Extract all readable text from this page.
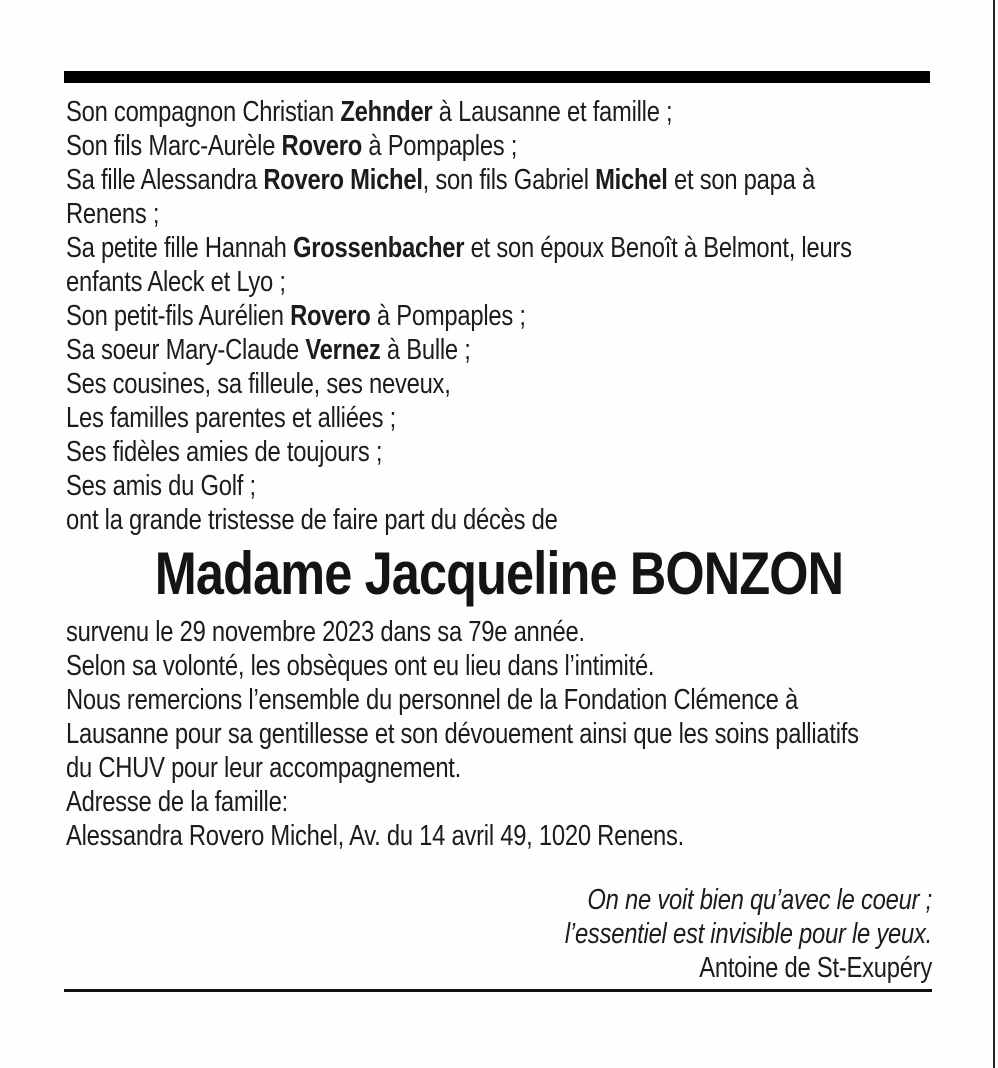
Son compagnon Christian Zehnder à Lausanne et famille ;
Son fils Marc-Aurèle Rovero à Pompaples ;
Sa fille Alessandra Rovero Michel, son fils Gabriel Michel et son papa à
Renens ;
Sa petite fille Hannah Grossenbacher et son époux Benoît à Belmont, leurs
enfants Aleck et Lyo ;
Son petit-fils Aurélien Rovero à Pompaples ;
Sa soeur Mary-Claude Vernez à Bulle ;
Ses cousines, sa filleule, ses neveux,
Les familles parentes et alliées ;
Ses fidèles amies de toujours ;
Ses amis du Golf ;
ont la grande tristesse de faire part du décès de
Madame Jacqueline BONZON
survenu le 29 novembre 2023 dans sa 79e année.
Selon sa volonté, les obsèques ont eu lieu dans l’intimité.
Nous remercions l’ensemble du personnel de la Fondation Clémence à
Lausanne pour sa gentillesse et son dévouement ainsi que les soins palliatifs
du CHUV pour leur accompagnement.
Adresse de la famille:
Alessandra Rovero Michel, Av. du 14 avril 49, 1020 Renens.
On ne voit bien qu’avec le coeur ;
l’essentiel est invisible pour le yeux.
Antoine de St-Exupéry
